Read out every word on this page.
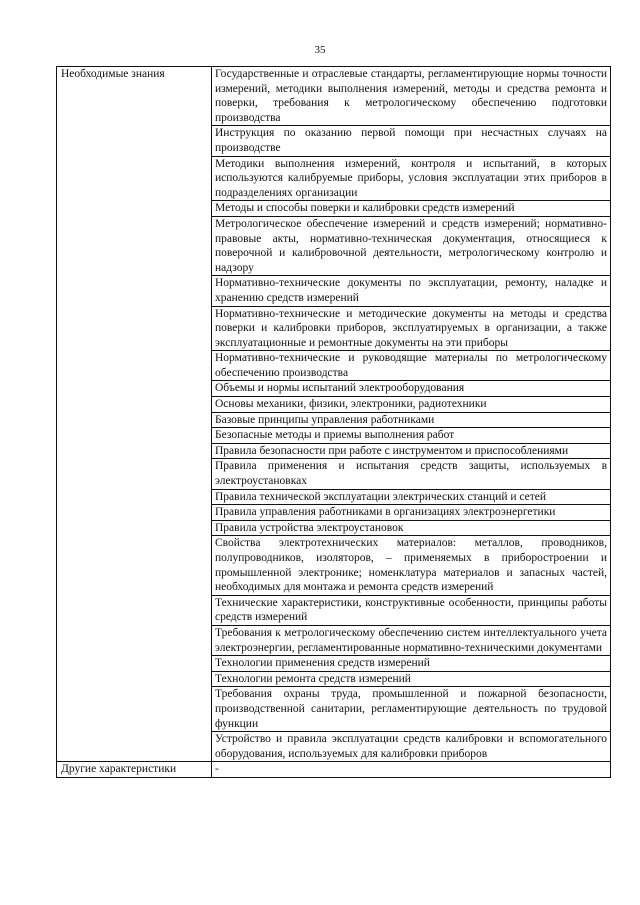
35
Необходимые знания	Государственные и отраслевые стандарты, регламентирующие нормы точности измерений, методики выполнения измерений, методы и средства ремонта и поверки, требования к метрологическому обеспечению подготовки производства
	Инструкция по оказанию первой помощи при несчастных случаях на производстве
	Методики выполнения измерений, контроля и испытаний, в которых используются калибруемые приборы, условия эксплуатации этих приборов в подразделениях организации
	Методы и способы поверки и калибровки средств измерений
	Метрологическое обеспечение измерений и средств измерений; нормативно-правовые акты, нормативно-техническая документация, относящиеся к поверочной и калибровочной деятельности, метрологическому контролю и надзору
	Нормативно-технические документы по эксплуатации, ремонту, наладке и хранению средств измерений
	Нормативно-технические и методические документы на методы и средства поверки и калибровки приборов, эксплуатируемых в организации, а также эксплуатационные и ремонтные документы на эти приборы
	Нормативно-технические и руководящие материалы по метрологическому обеспечению производства
	Объемы и нормы испытаний электрооборудования
	Основы механики, физики, электроники, радиотехники
	Базовые принципы управления работниками
	Безопасные методы и приемы выполнения работ
	Правила безопасности при работе с инструментом и приспособлениями
	Правила применения и испытания средств защиты, используемых в электроустановках
	Правила технической эксплуатации электрических станций и сетей
	Правила управления работниками в организациях электроэнергетики
	Правила устройства электроустановок
	Свойства электротехнических материалов: металлов, проводников, полупроводников, изоляторов, – применяемых в приборостроении и промышленной электронике; номенклатура материалов и запасных частей, необходимых для монтажа и ремонта средств измерений
	Технические характеристики, конструктивные особенности, принципы работы средств измерений
	Требования к метрологическому обеспечению систем интеллектуального учета электроэнергии, регламентированные нормативно-техническими документами
	Технологии применения средств измерений
	Технологии ремонта средств измерений
	Требования охраны труда, промышленной и пожарной безопасности, производственной санитарии, регламентирующие деятельность по трудовой функции
	Устройство и правила эксплуатации средств калибровки и вспомогательного оборудования, используемых для калибровки приборов
Другие характеристики	-
